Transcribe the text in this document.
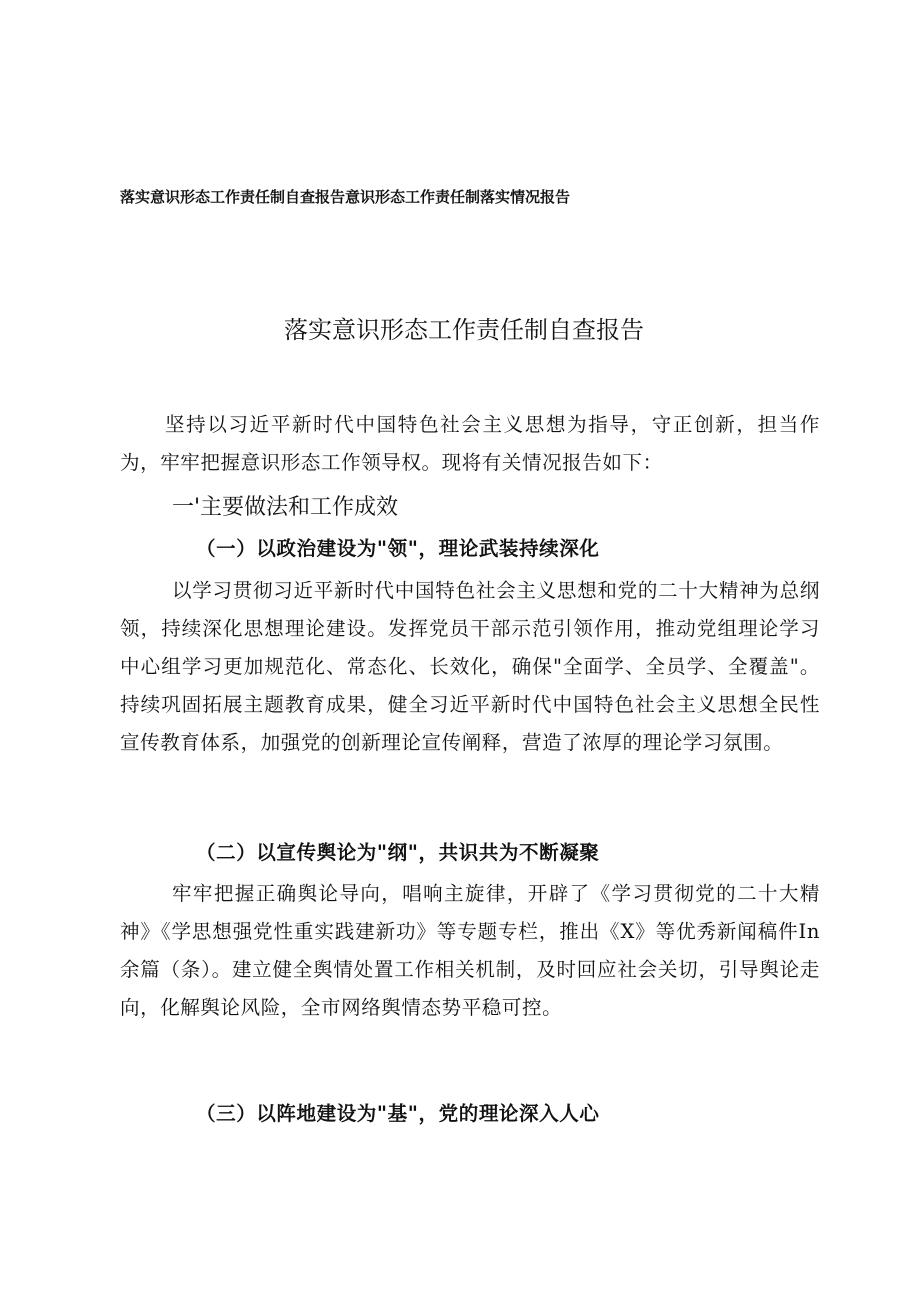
落实意识形态工作责任制自查报告意识形态工作责任制落实情况报告
落实意识形态工作责任制自查报告

坚持以习近平新时代中国特色社会主义思想为指导，守正创新，担当作为，牢牢把握意识形态工作领导权。现将有关情况报告如下：

一'主要做法和工作成效
（一）以政治建设为"领"，理论武装持续深化

以学习贯彻习近平新时代中国特色社会主义思想和党的二十大精神为总纲领，持续深化思想理论建设。发挥党员干部示范引领作用，推动党组理论学习中心组学习更加规范化、常态化、长效化，确保"全面学、全员学、全覆盖"。持续巩固拓展主题教育成果，健全习近平新时代中国特色社会主义思想全民性宣传教育体系，加强党的创新理论宣传阐释，营造了浓厚的理论学习氛围。

（二）以宣传舆论为"纲"，共识共为不断凝聚

牢牢把握正确舆论导向，唱响主旋律，开辟了《学习贯彻党的二十大精神》《学思想强党性重实践建新功》等专题专栏，推出《X》等优秀新闻稿件In余篇（条）。建立健全舆情处置工作相关机制，及时回应社会关切，引导舆论走向，化解舆论风险，全市网络舆情态势平稳可控。

（三）以阵地建设为"基"，党的理论深入人心
